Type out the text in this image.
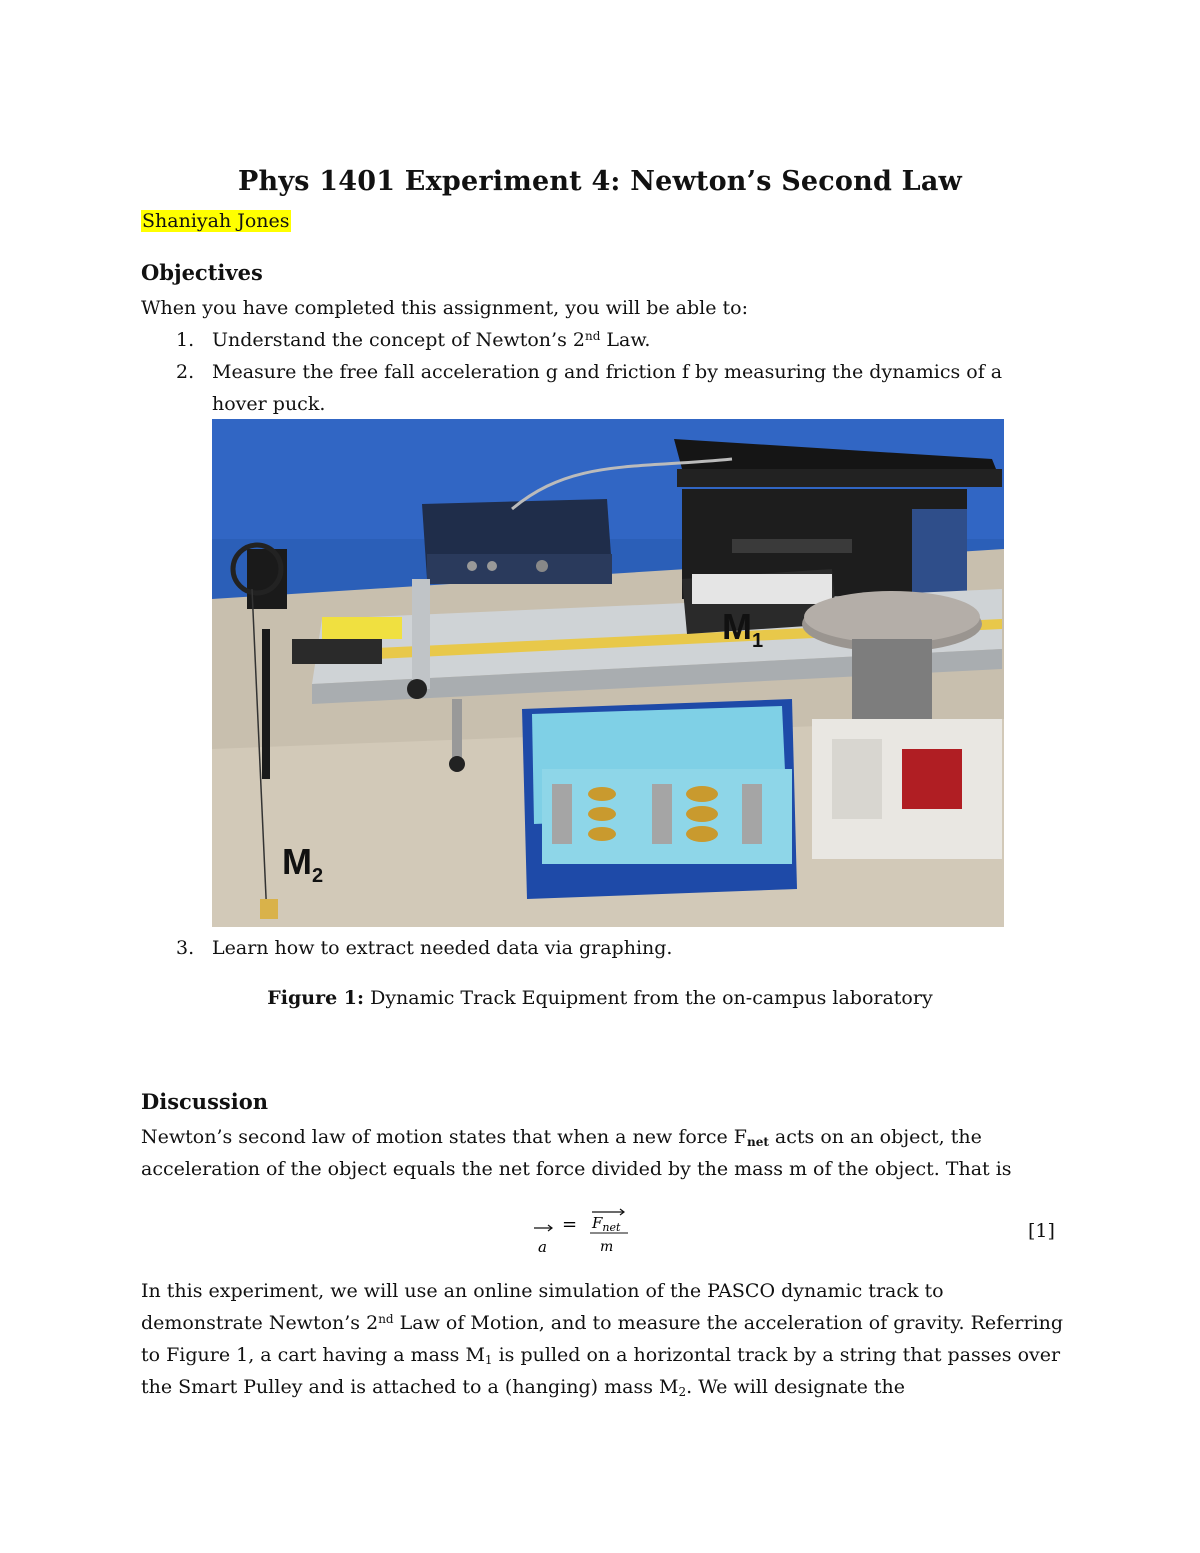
Phys 1401 Experiment 4: Newton’s Second Law
Shaniyah Jones
Objectives
When you have completed this assignment, you will be able to:
1. Understand the concept of Newton’s 2nd Law.
2. Measure the free fall acceleration g and friction f by measuring the dynamics of a hover puck.
$M_1$
$M_2$
3. Learn how to extract needed data via graphing.
Figure 1: Dynamic Track Equipment from the on-campus laboratory
Discussion
Newton’s second law of motion states that when a new force $F_{net}$ acts on an object, the acceleration of the object equals the net force divided by the mass m of the object. That is
a
= $F_{net}$
m
[1]
In this experiment, we will use an online simulation of the PASCO dynamic track to demonstrate Newton’s 2nd Law of Motion, and to measure the acceleration of gravity. Referring to Figure 1, a cart having a mass $M_1$ is pulled on a horizontal track by a string that passes over the Smart Pulley and is attached to a (hanging) mass $M_2$. We will designate the
